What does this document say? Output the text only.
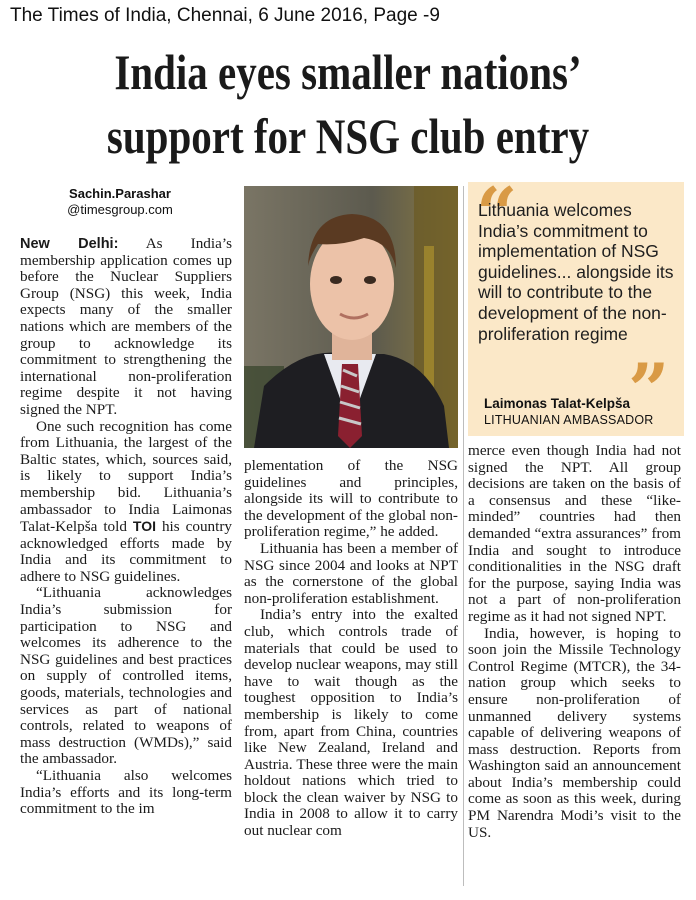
The Times of India, Chennai, 6 June 2016, Page -9
India eyes smaller nations’
support for NSG club entry
Sachin.Parashar
@timesgroup.com	“
Lithuania welcomes India’s commitment to implementation of NSG guidelines... alongside its will to contribute to the development of the non-proliferation regime
”
Laimonas Talat-Kelpša
LITHUANIAN AMBASSADOR

New Delhi: As India’s membership application comes up before the Nuclear Suppliers Group (NSG) this week, India expects many of the smaller nations which are members of the group to acknowledge its commitment to strengthening the international non-proliferation regime despite it not having signed the NPT.

One such recognition has come from Lithuania, the largest of the Baltic states, which, sources said, is likely to support India’s membership bid. Lithuania’s ambassador to India Laimonas Talat-Kelpša told TOI his country acknowledged efforts made by India and its commitment to adhere to NSG guidelines.

“Lithuania acknowledges India’s submission for participation to NSG and welcomes its adherence to the NSG guidelines and best practices on supply of controlled items, goods, materials, technologies and services as part of national controls, related to weapons of mass destruction (WMDs),” said the ambassador.

“Lithuania also welcomes India’s efforts and its long-term commitment to the im

plementation of the NSG guidelines and principles, alongside its will to contribute to the development of the global non-proliferation regime,” he added.

Lithuania has been a member of NSG since 2004 and looks at NPT as the cornerstone of the global non-proliferation establishment.

India’s entry into the exalted club, which controls trade of materials that could be used to develop nuclear weapons, may still have to wait though as the toughest opposition to India’s membership is likely to come from, apart from China, countries like New Zealand, Ireland and Austria. These three were the main holdout nations which tried to block the clean waiver by NSG to India in 2008 to allow it to carry out nuclear com

merce even though India had not signed the NPT. All group decisions are taken on the basis of a consensus and these “like-minded” countries had then demanded “extra assurances” from India and sought to introduce conditionalities in the NSG draft for the purpose, saying India was not a part of non-proliferation regime as it had not signed NPT.

India, however, is hoping to soon join the Missile Technology Control Regime (MTCR), the 34-nation group which seeks to ensure non-proliferation of unmanned delivery systems capable of delivering weapons of mass destruction. Reports from Washington said an announcement about India’s membership could come as soon as this week, during PM Narendra Modi’s visit to the US.
